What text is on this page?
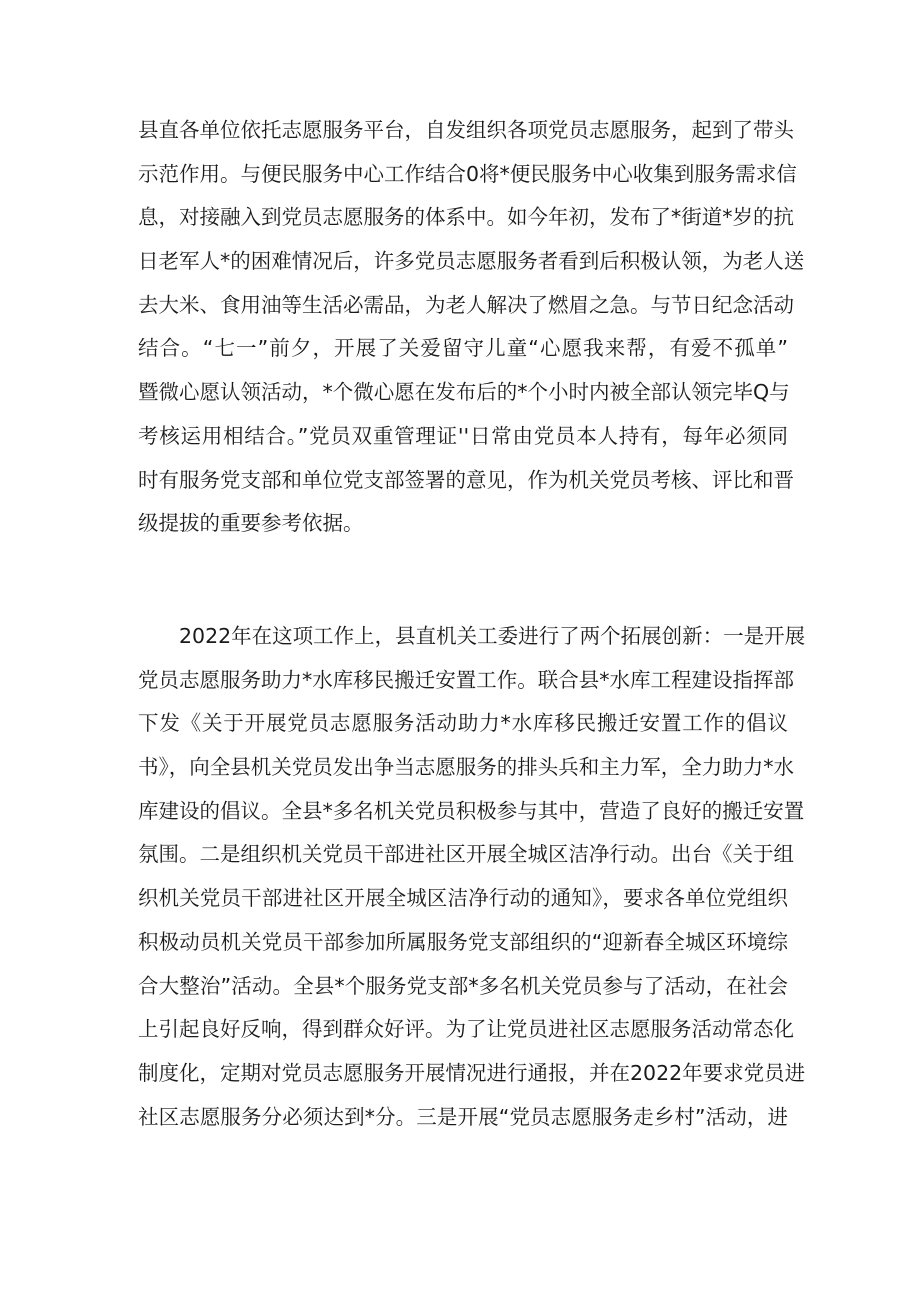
县直各单位依托志愿服务平台，自发组织各项党员志愿服务，起到了带头
示范作用。与便民服务中心工作结合0将*便民服务中心收集到服务需求信
息，对接融入到党员志愿服务的体系中。如今年初，发布了*街道*岁的抗
日老军人*的困难情况后，许多党员志愿服务者看到后积极认领，为老人送
去大米、食用油等生活必需品，为老人解决了燃眉之急。与节日纪念活动
结合。“七一”前夕，开展了关爱留守儿童“心愿我来帮，有爱不孤单”
暨微心愿认领活动，*个微心愿在发布后的*个小时内被全部认领完毕Q与
考核运用相结合。”党员双重管理证''日常由党员本人持有，每年必须同
时有服务党支部和单位党支部签署的意见，作为机关党员考核、评比和晋
级提拔的重要参考依据。
2022年在这项工作上，县直机关工委进行了两个拓展创新：一是开展
党员志愿服务助力*水库移民搬迁安置工作。联合县*水库工程建设指挥部
下发《关于开展党员志愿服务活动助力*水库移民搬迁安置工作的倡议
书》，向全县机关党员发出争当志愿服务的排头兵和主力军，全力助力*水
库建设的倡议。全县*多名机关党员积极参与其中，营造了良好的搬迁安置
氛围。二是组织机关党员干部进社区开展全城区洁净行动。出台《关于组
织机关党员干部进社区开展全城区洁净行动的通知》，要求各单位党组织
积极动员机关党员干部参加所属服务党支部组织的“迎新春全城区环境综
合大整治”活动。全县*个服务党支部*多名机关党员参与了活动，在社会
上引起良好反响，得到群众好评。为了让党员进社区志愿服务活动常态化
制度化，定期对党员志愿服务开展情况进行通报，并在2022年要求党员进
社区志愿服务分必须达到*分。三是开展“党员志愿服务走乡村”活动，进
